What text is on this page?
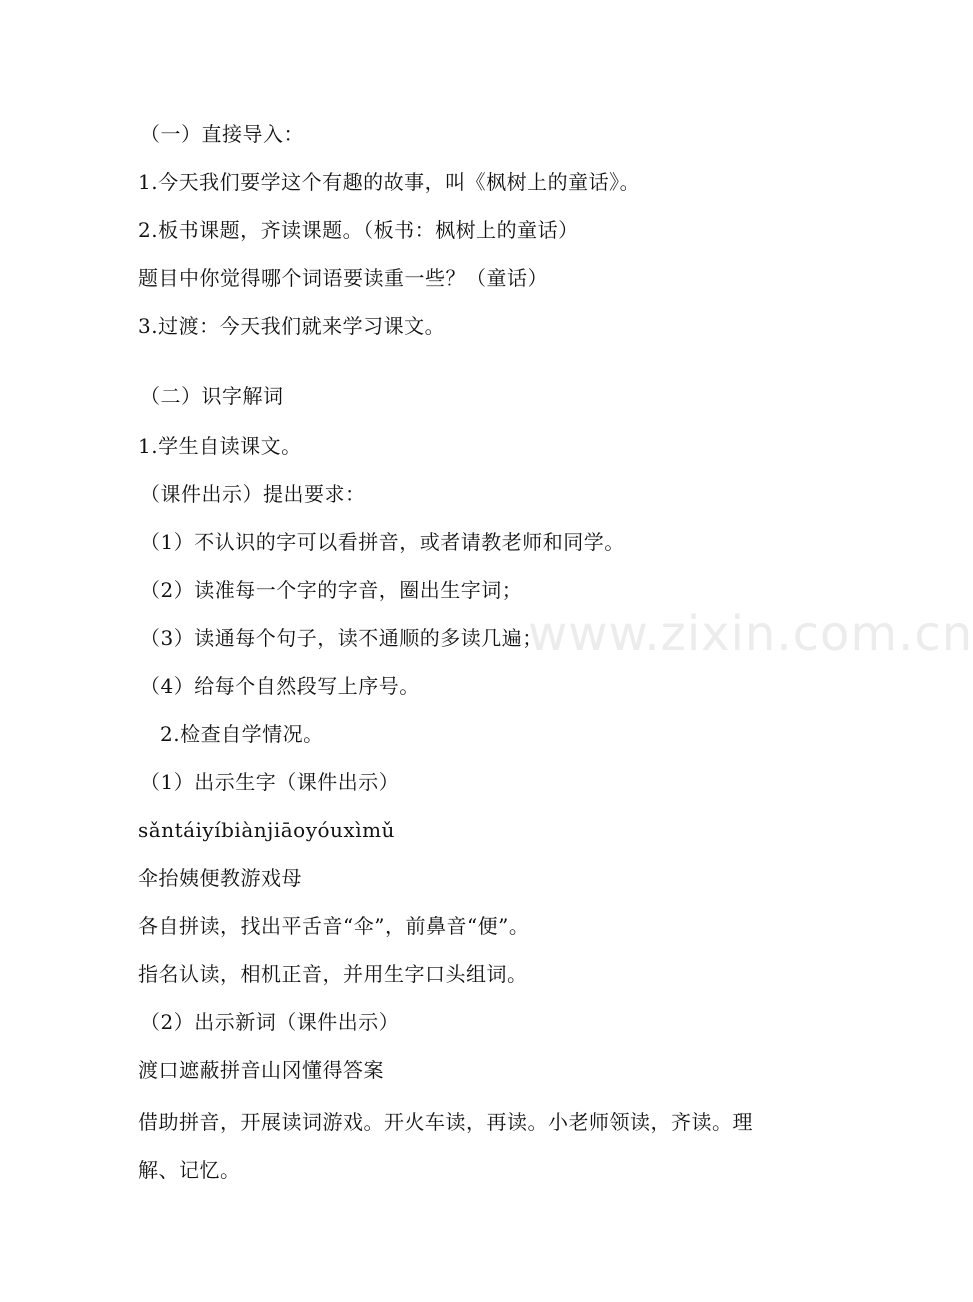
www.zixin.com.cn
（一）直接导入：
1.今天我们要学这个有趣的故事，叫《枫树上的童话》。
2.板书课题，齐读课题。（板书：枫树上的童话）
题目中你觉得哪个词语要读重一些？（童话）
3.过渡：今天我们就来学习课文。
（二）识字解词
1.学生自读课文。
（课件出示）提出要求：
（1）不认识的字可以看拼音，或者请教老师和同学。
（2）读准每一个字的字音，圈出生字词；
（3）读通每个句子，读不通顺的多读几遍；
（4）给每个自然段写上序号。
2.检查自学情况。
（1）出示生字（课件出示）
sǎntáiyíbiànjiāoyóuxìmǔ
伞抬姨便教游戏母
各自拼读，找出平舌音“伞”，前鼻音“便”。
指名认读，相机正音，并用生字口头组词。
（2）出示新词（课件出示）
渡口遮蔽拼音山冈懂得答案
借助拼音，开展读词游戏。开火车读，再读。小老师领读，齐读。理解、记忆。
